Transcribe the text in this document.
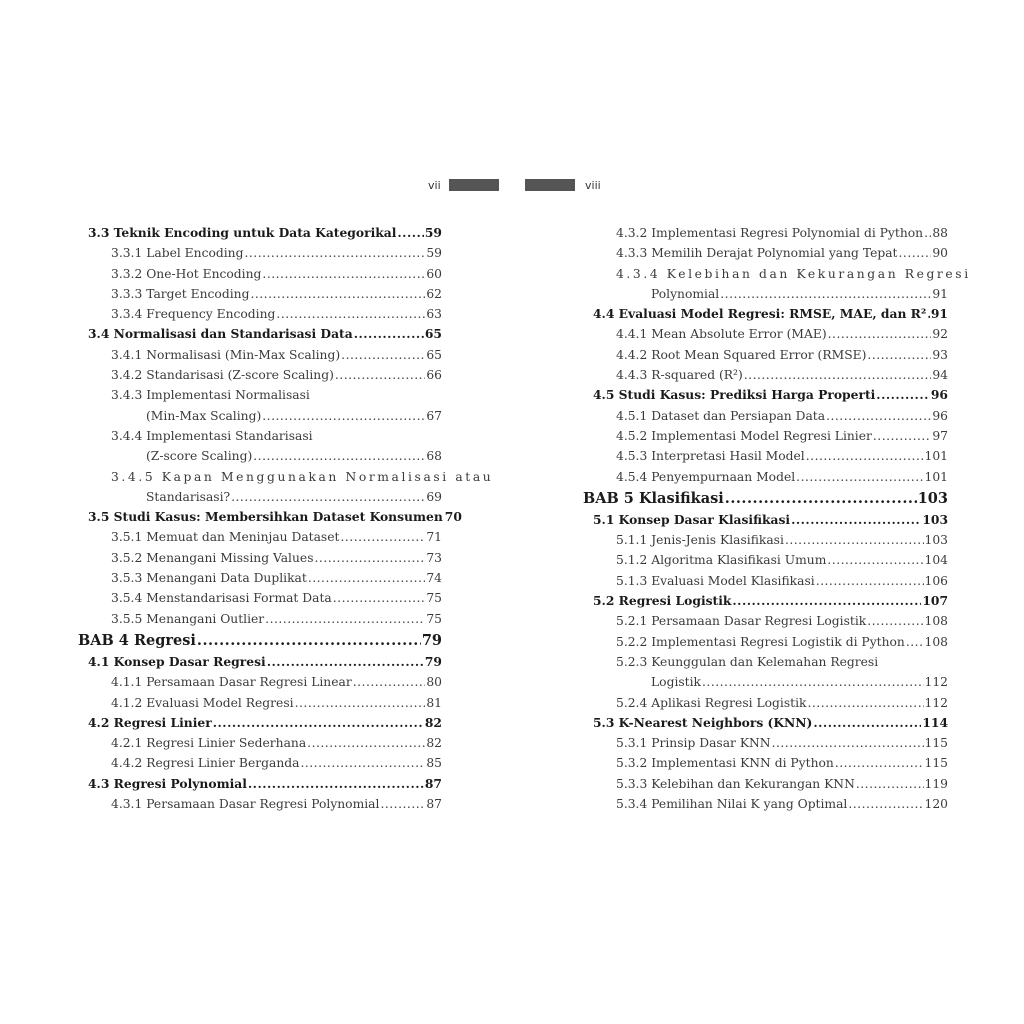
vii	viii
3.3 Teknik Encoding untuk Data Kategorikal ..... 59
3.3.1 Label Encoding .....	59
3.3.2 One-Hot Encoding .....	60
3.3.3 Target Encoding .....	62
3.3.4 Frequency Encoding .....	63
3.4 Normalisasi dan Standarisasi Data .....	65
3.4.1 Normalisasi (Min-Max Scaling) .....	65
3.4.2 Standarisasi (Z-score Scaling) .....	66
3.4.3 Implementasi Normalisasi
(Min-Max Scaling) .....	67
3.4.4 Implementasi Standarisasi
(Z-score Scaling) .....	68
3.4.5 Kapan Menggunakan Normalisasi atau
Standarisasi? .....	69
3.5 Studi Kasus: Membersihkan Dataset Konsumen 70
3.5.1 Memuat dan Meninjau Dataset .....	71
3.5.2 Menangani Missing Values .....	73
3.5.3 Menangani Data Duplikat .....	74
3.5.4 Menstandarisasi Format Data .....	75
3.5.5 Menangani Outlier .....	75
BAB 4 Regresi .....	79
4.1 Konsep Dasar Regresi .....	79
4.1.1 Persamaan Dasar Regresi Linear .....	80
4.1.2 Evaluasi Model Regresi .....	81
4.2 Regresi Linier .....	82
4.2.1 Regresi Linier Sederhana .....	82
4.4.2 Regresi Linier Berganda .....	85
4.3 Regresi Polynomial .....	87
4.3.1 Persamaan Dasar Regresi Polynomial .....	87
4.3.2 Implementasi Regresi Polynomial di Python ..... 88
4.3.3 Memilih Derajat Polynomial yang Tepat .....	90
4.3.4 Kelebihan dan Kekurangan Regresi
Polynomial .....	91
4.4 Evaluasi Model Regresi: RMSE, MAE, dan R² ..... 91
4.4.1 Mean Absolute Error (MAE) .....	92
4.4.2 Root Mean Squared Error (RMSE) .....	93
4.4.3 R-squared (R²) .....	94
4.5 Studi Kasus: Prediksi Harga Properti .....	96
4.5.1 Dataset dan Persiapan Data .....	96
4.5.2 Implementasi Model Regresi Linier .....	97
4.5.3 Interpretasi Hasil Model .....	101
4.5.4 Penyempurnaan Model .....	101
BAB 5 Klasifikasi .....	103
5.1 Konsep Dasar Klasifikasi .....	103
5.1.1 Jenis-Jenis Klasifikasi .....	103
5.1.2 Algoritma Klasifikasi Umum .....	104
5.1.3 Evaluasi Model Klasifikasi .....	106
5.2 Regresi Logistik .....	107
5.2.1 Persamaan Dasar Regresi Logistik .....	108
5.2.2 Implementasi Regresi Logistik di Python ..... 108
5.2.3 Keunggulan dan Kelemahan Regresi
Logistik .....	112
5.2.4 Aplikasi Regresi Logistik .....	112
5.3 K-Nearest Neighbors (KNN) .....	114
5.3.1 Prinsip Dasar KNN .....	115
5.3.2 Implementasi KNN di Python .....	115
5.3.3 Kelebihan dan Kekurangan KNN .....	119
5.3.4 Pemilihan Nilai K yang Optimal .....	120
